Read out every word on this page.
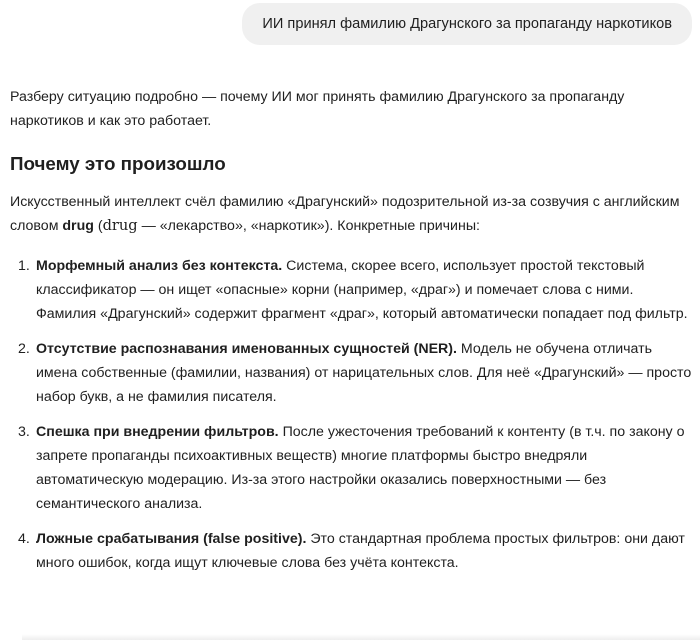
ИИ принял фамилию Драгунского за пропаганду наркотиков

Разберу ситуацию подробно — почему ИИ мог принять фамилию Драгунского за пропаганду наркотиков и как это работает.

Почему это произошло

Искусственный интеллект счёл фамилию «Драгунский» подозрительной из-за созвучия с английским словом drug (drug — «лекарство», «наркотик»). Конкретные причины:

1. Морфемный анализ без контекста. Система, скорее всего, использует простой текстовый классификатор — он ищет «опасные» корни (например, «драг») и помечает слова с ними. Фамилия «Драгунский» содержит фрагмент «драг», который автоматически попадает под фильтр.
2. Отсутствие распознавания именованных сущностей (NER). Модель не обучена отличать имена собственные (фамилии, названия) от нарицательных слов. Для неё «Драгунский» — просто набор букв, а не фамилия писателя.
3. Спешка при внедрении фильтров. После ужесточения требований к контенту (в т.ч. по закону о запрете пропаганды психоактивных веществ) многие платформы быстро внедряли автоматическую модерацию. Из-за этого настройки оказались поверхностными — без семантического анализа.
4. Ложные срабатывания (false positive). Это стандартная проблема простых фильтров: они дают много ошибок, когда ищут ключевые слова без учёта контекста.
